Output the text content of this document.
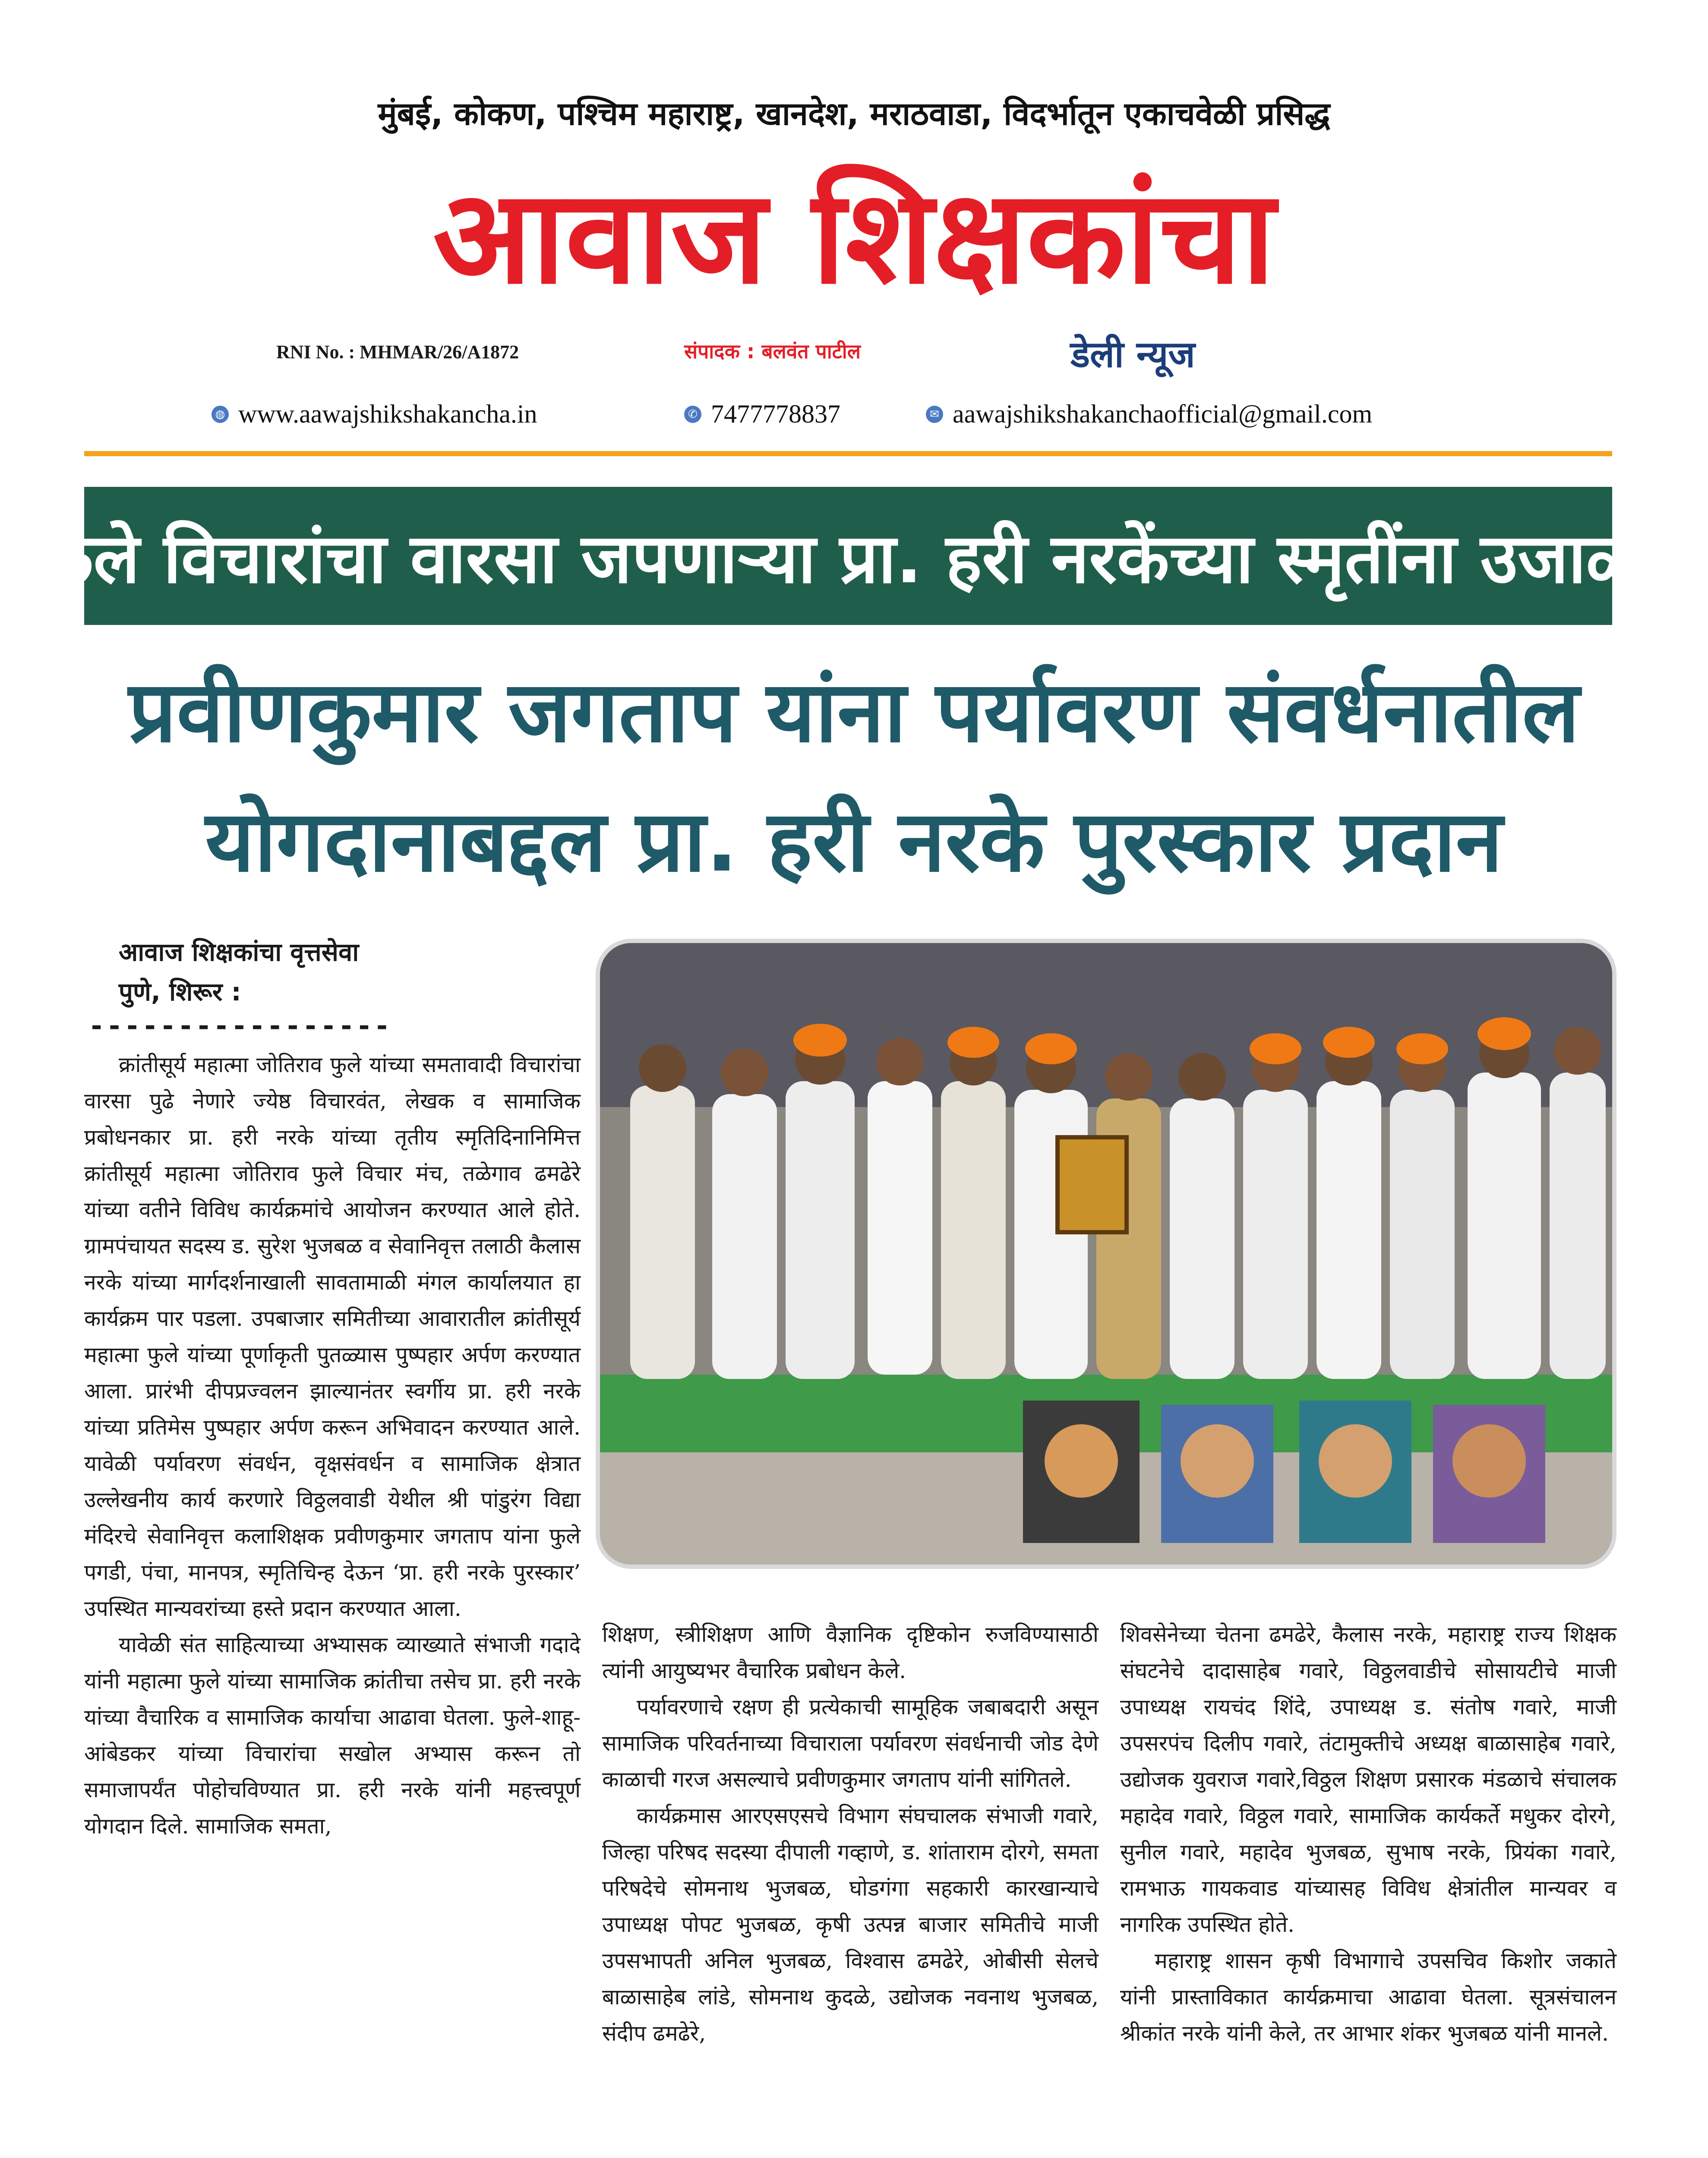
मुंबई, कोकण, पश्चिम महाराष्ट्र, खानदेश, मराठवाडा, विदर्भातून एकाचवेळी प्रसिद्ध
आवाज शिक्षकांचा
RNI No. : MHMAR/26/A1872	संपादक : बलवंत पाटील	डेली न्यूज
◍ www.aawajshikshakancha.in	✆ 7477778837	✉ aawajshikshakanchaofficial@gmail.com
फुले विचारांचा वारसा जपणाऱ्या प्रा. हरी नरकेंच्या स्मृतींना उजाळा
प्रवीणकुमार जगताप यांना पर्यावरण संवर्धनातील
योगदानाबद्दल प्रा. हरी नरके पुरस्कार प्रदान
आवाज शिक्षकांचा वृत्तसेवा
पुणे, शिरूर :
-----------------

क्रांतीसूर्य महात्मा जोतिराव फुले यांच्या समतावादी विचारांचा वारसा पुढे नेणारे ज्येष्ठ विचारवंत, लेखक व सामाजिक प्रबोधनकार प्रा. हरी नरके यांच्या तृतीय स्मृतिदिनानिमित्त क्रांतीसूर्य महात्मा जोतिराव फुले विचार मंच, तळेगाव ढमढेरे यांच्या वतीने विविध कार्यक्रमांचे आयोजन करण्यात आले होते. ग्रामपंचायत सदस्य ड. सुरेश भुजबळ व सेवानिवृत्त तलाठी कैलास नरके यांच्या मार्गदर्शनाखाली सावतामाळी मंगल कार्यालयात हा कार्यक्रम पार पडला. उपबाजार समितीच्या आवारातील क्रांतीसूर्य महात्मा फुले यांच्या पूर्णाकृती पुतळ्यास पुष्पहार अर्पण करण्यात आला. प्रारंभी दीपप्रज्वलन झाल्यानंतर स्वर्गीय प्रा. हरी नरके यांच्या प्रतिमेस पुष्पहार अर्पण करून अभिवादन करण्यात आले. यावेळी पर्यावरण संवर्धन, वृक्षसंवर्धन व सामाजिक क्षेत्रात उल्लेखनीय कार्य करणारे विठ्ठलवाडी येथील श्री पांडुरंग विद्या मंदिरचे सेवानिवृत्त कलाशिक्षक प्रवीणकुमार जगताप यांना फुले पगडी, पंचा, मानपत्र, स्मृतिचिन्ह देऊन ‘प्रा. हरी नरके पुरस्कार’ उपस्थित मान्यवरांच्या हस्ते प्रदान करण्यात आला.

यावेळी संत साहित्याच्या अभ्यासक व्याख्याते संभाजी गदादे यांनी महात्मा फुले यांच्या सामाजिक क्रांतीचा तसेच प्रा. हरी नरके यांच्या वैचारिक व सामाजिक कार्याचा आढावा घेतला. फुले-शाहू-आंबेडकर यांच्या विचारांचा सखोल अभ्यास करून तो समाजापर्यंत पोहोचविण्यात प्रा. हरी नरके यांनी महत्त्वपूर्ण योगदान दिले. सामाजिक समता,

शिक्षण, स्त्रीशिक्षण आणि वैज्ञानिक दृष्टिकोन रुजविण्यासाठी त्यांनी आयुष्यभर वैचारिक प्रबोधन केले.

पर्यावरणाचे रक्षण ही प्रत्येकाची सामूहिक जबाबदारी असून सामाजिक परिवर्तनाच्या विचाराला पर्यावरण संवर्धनाची जोड देणे काळाची गरज असल्याचे प्रवीणकुमार जगताप यांनी सांगितले.

कार्यक्रमास आरएसएसचे विभाग संघचालक संभाजी गवारे, जिल्हा परिषद सदस्या दीपाली गव्हाणे, ड. शांताराम दोरगे, समता परिषदेचे सोमनाथ भुजबळ, घोडगंगा सहकारी कारखान्याचे उपाध्यक्ष पोपट भुजबळ, कृषी उत्पन्न बाजार समितीचे माजी उपसभापती अनिल भुजबळ, विश्वास ढमढेरे, ओबीसी सेलचे बाळासाहेब लांडे, सोमनाथ कुदळे, उद्योजक नवनाथ भुजबळ, संदीप ढमढेरे,

शिवसेनेच्या चेतना ढमढेरे, कैलास नरके, महाराष्ट्र राज्य शिक्षक संघटनेचे दादासाहेब गवारे, विठ्ठलवाडीचे सोसायटीचे माजी उपाध्यक्ष रायचंद शिंदे, उपाध्यक्ष ड. संतोष गवारे, माजी उपसरपंच दिलीप गवारे, तंटामुक्तीचे अध्यक्ष बाळासाहेब गवारे, उद्योजक युवराज गवारे,विठ्ठल शिक्षण प्रसारक मंडळाचे संचालक महादेव गवारे, विठ्ठल गवारे, सामाजिक कार्यकर्ते मधुकर दोरगे, सुनील गवारे, महादेव भुजबळ, सुभाष नरके, प्रियंका गवारे, रामभाऊ गायकवाड यांच्यासह विविध क्षेत्रांतील मान्यवर व नागरिक उपस्थित होते.

महाराष्ट्र शासन कृषी विभागाचे उपसचिव किशोर जकाते यांनी प्रास्ताविकात कार्यक्रमाचा आढावा घेतला. सूत्रसंचालन श्रीकांत नरके यांनी केले, तर आभार शंकर भुजबळ यांनी मानले.
